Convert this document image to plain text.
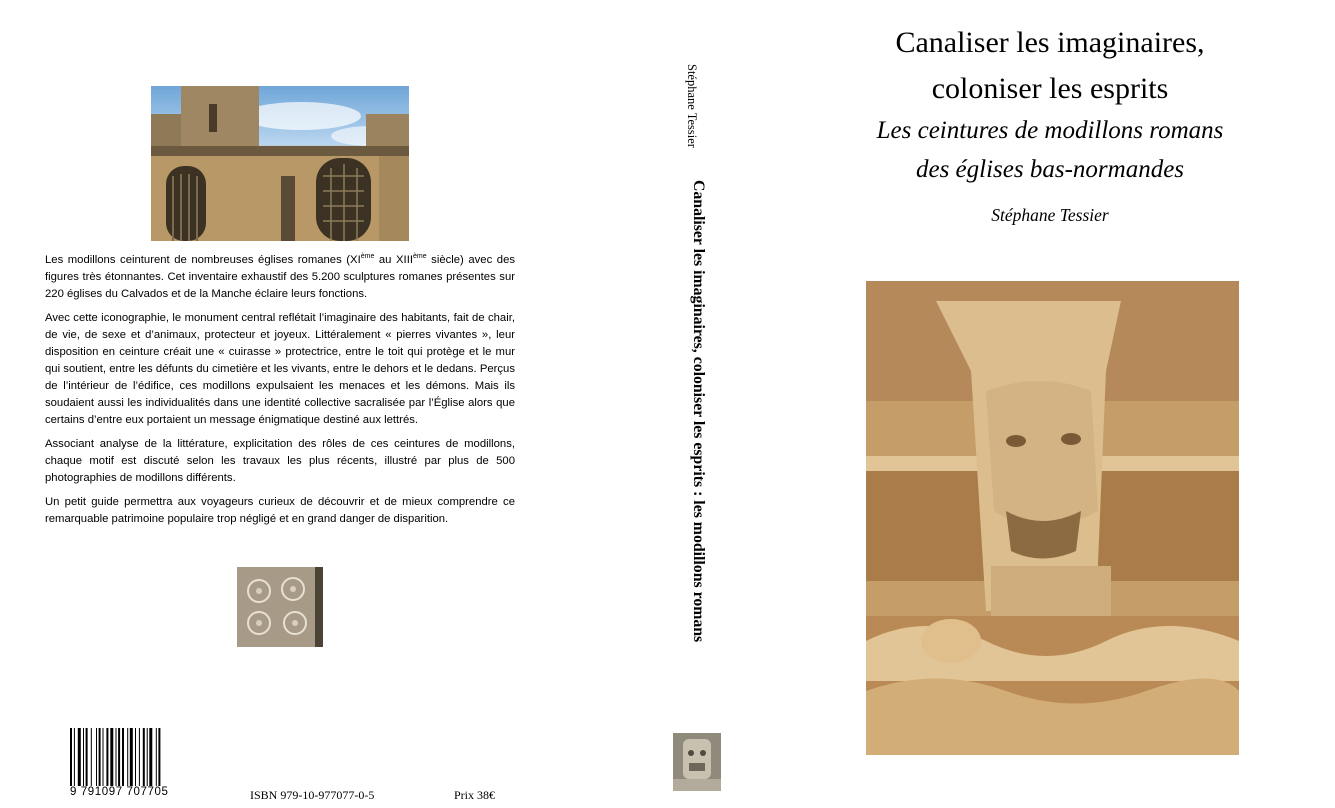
Les modillons ceinturent de nombreuses églises romanes (XIème au XIIIème siècle) avec des figures très étonnantes. Cet inventaire exhaustif des 5.200 sculptures romanes présentes sur 220 églises du Calvados et de la Manche éclaire leurs fonctions.

Avec cette iconographie, le monument central reflétait l’imaginaire des habitants, fait de chair, de vie, de sexe et d’animaux, protecteur et joyeux. Littéralement « pierres vivantes », leur disposition en ceinture créait une « cuirasse » protectrice, entre le toit qui protège et le mur qui soutient, entre les défunts du cimetière et les vivants, entre le dehors et le dedans. Perçus de l’intérieur de l’édifice, ces modillons expulsaient les menaces et les démons. Mais ils soudaient aussi les individualités dans une identité collective sacralisée par l’Église alors que certains d’entre eux portaient un message énigmatique destiné aux lettrés.

Associant analyse de la littérature, explicitation des rôles de ces ceintures de modillons, chaque motif est discuté selon les travaux les plus récents, illustré par plus de 500 photographies de modillons différents.

Un petit guide permettra aux voyageurs curieux de découvrir et de mieux comprendre ce remarquable patrimoine populaire trop négligé et en grand danger de disparition.

9 791097 707705	ISBN 979-10-977077-0-5	Prix 38€
Stéphane Tessier
Canaliser les imaginaires, coloniser les esprits : les modillons romans
Canaliser les imaginaires,
coloniser les esprits
Les ceintures de modillons romans
des églises bas-normandes
Stéphane Tessier
